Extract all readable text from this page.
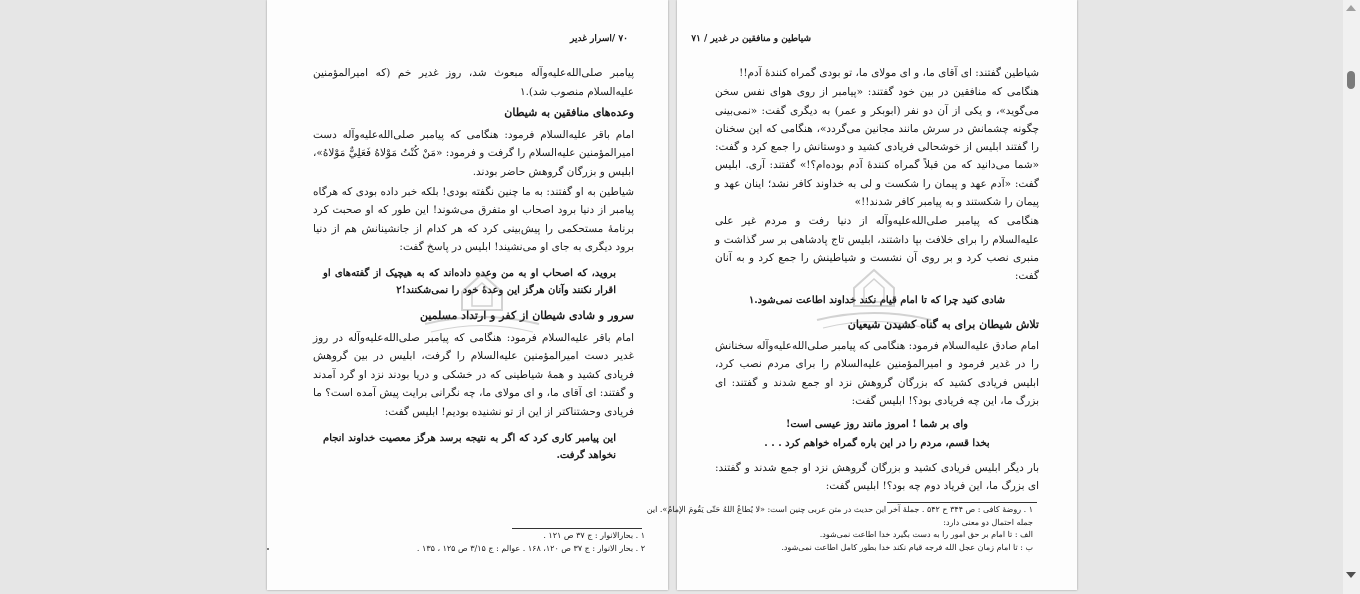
۷۰ /اسرار غدیر

پیامبر صلی‌الله‌علیه‌وآله مبعوث شد، روز غدیر خم (که امیرالمؤمنین علیه‌السلام منصوب شد).۱

وعده‌های منافقین به شیطان

امام باقر علیه‌السلام فرمود: هنگامی که پیامبر صلی‌الله‌علیه‌وآله دست امیرالمؤمنین علیه‌السلام را گرفت و فرمود: «مَنْ كُنْتُ مَوْلاهُ فَعَلِيٌّ مَوْلاهُ»، ابلیس و بزرگان گروهش حاضر بودند.

شیاطین به او گفتند: به ما چنین نگفته بودی! بلکه خبر داده بودی که هرگاه پیامبر از دنیا برود اصحاب او متفرق می‌شوند! این طور که او صحبت کرد برنامهٔ مستحکمی را پیش‌بینی کرد که هر کدام از جانشینانش هم از دنیا برود دیگری به جای او می‌نشیند! ابلیس در پاسخ گفت:

بروید، که اصحاب او به من وعده داده‌اند که به هیچیک از گفته‌های او اقرار نکنند وآنان هرگز این وعدهٔ خود را نمی‌شکنند!۲
سرور و شادی شیطان از کفر و ارتداد مسلمین

امام باقر علیه‌السلام فرمود: هنگامی که پیامبر صلی‌الله‌علیه‌وآله در روز غدیر دست امیرالمؤمنین علیه‌السلام را گرفت، ابلیس در بین گروهش فریادی کشید و همهٔ شیاطینی که در خشکی و دریا بودند نزد او گرد آمدند و گفتند: ای آقای ما، و ای مولای ما، چه نگرانی برایت پیش آمده است؟ ما فریادی وحشتناکتر از این از تو نشنیده بودیم! ابلیس گفت:

این پیامبر کاری کرد که اگر به نتیجه برسد هرگز معصیت خداوند انجام نخواهد گرفت.
۱ . بحارالانوار : ج ۳۷ ص ۱۲۱ .
۲ . بحار الانوار : ج ۳۷ ص ۱۲۰، ۱۶۸ . عوالم : ج ۳/۱۵ ص ۱۲۵ ، ۱۳۵ .
شیاطین و منافقین در غدیر / ۷۱

شیاطین گفتند: ای آقای ما، و ای مولای ما، تو بودی گمراه کنندهٔ آدم!!

هنگامی که منافقین در بین خود گفتند: «پیامبر از روی هوای نفس سخن می‌گوید»، و یکی از آن دو نفر (ابوبکر و عمر) به دیگری گفت: «نمی‌بینی چگونه چشمانش در سرش مانند مجانین می‌گردد»، هنگامی که این سخنان را گفتند ابلیس از خوشحالی فریادی کشید و دوستانش را جمع کرد و گفت: «شما می‌دانید که من قبلاً گمراه کنندهٔ آدم بوده‌ام؟!» گفتند: آری. ابلیس گفت: «آدم عهد و پیمان را شکست و لی به خداوند کافر نشد؛ اینان عهد و پیمان را شکستند و به پیامبر کافر شدند!!»

هنگامی که پیامبر صلی‌الله‌علیه‌وآله از دنیا رفت و مردم غیر علی علیه‌السلام را برای خلافت بپا داشتند، ابلیس تاج پادشاهی بر سر گذاشت و منبری نصب کرد و بر روی آن نشست و شیاطینش را جمع کرد و به آنان گفت:

شادی کنید چرا که تا امام قیام نکند خداوند اطاعت نمی‌شود.۱
تلاش شیطان برای به گناه کشیدن شیعیان

امام صادق علیه‌السلام فرمود: هنگامی که پیامبر صلی‌الله‌علیه‌وآله سخنانش را در غدیر فرمود و امیرالمؤمنین علیه‌السلام را برای مردم نصب کرد، ابلیس فریادی کشید که بزرگان گروهش نزد او جمع شدند و گفتند: ای بزرگ ما، این چه فریادی بود؟! ابلیس گفت:

وای بر شما ! امروز مانند روز عیسی است!
بخدا قسم، مردم را در این باره گمراه خواهم کرد . . .

بار دیگر ابلیس فریادی کشید و بزرگان گروهش نزد او جمع شدند و گفتند: ای بزرگ ما، این فریاد دوم چه بود؟! ابلیس گفت:

۱ . روضهٔ کافی : ص ۳۴۴ ح ۵۴۲ . جملهٔ آخر این حدیث در متن عربی چنین است: «لا يُطاعُ اللهُ حَتّى يَقُومَ الإمامُ». این
جمله احتمال دو معنی دارد:
الف : تا امام بر حق امور را به دست بگیرد خدا اطاعت نمی‌شود.
ب : تا امام زمان عجل الله فرجه قیام نکند خدا بطور کامل اطاعت نمی‌شود.
